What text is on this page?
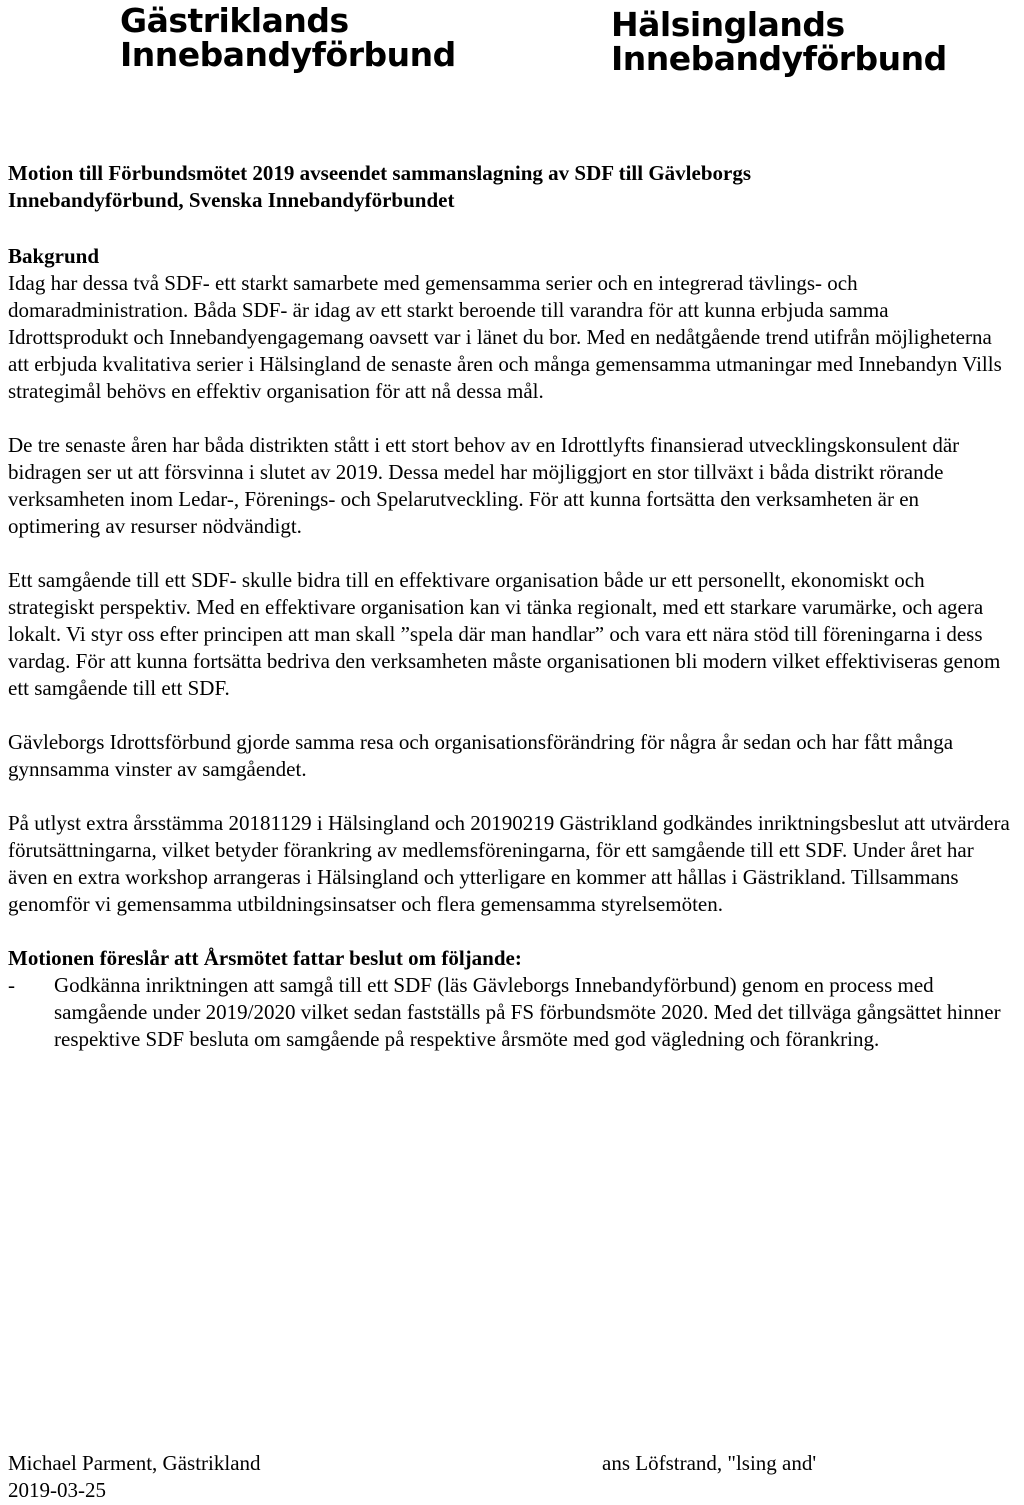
Gästriklands
Innebandyförbund
Hälsinglands
Innebandyförbund
Motion till Förbundsmötet 2019 avseendet sammanslagning av SDF till Gävleborgs
Innebandyförbund, Svenska Innebandyförbundet
Bakgrund

Idag har dessa två SDF- ett starkt samarbete med gemensamma serier och en integrerad tävlings- och domaradministration. Båda SDF- är idag av ett starkt beroende till varandra för att kunna erbjuda samma Idrottsprodukt och Innebandyengagemang oavsett var i länet du bor. Med en nedåtgående trend utifrån möjligheterna att erbjuda kvalitativa serier i Hälsingland de senaste åren och många gemensamma utmaningar med Innebandyn Vills strategimål behövs en effektiv organisation för att nå dessa mål.

De tre senaste åren har båda distrikten stått i ett stort behov av en Idrottlyfts finansierad utvecklingskonsulent där bidragen ser ut att försvinna i slutet av 2019. Dessa medel har möjliggjort en stor tillväxt i båda distrikt rörande verksamheten inom Ledar-, Förenings- och Spelarutveckling. För att kunna fortsätta den verksamheten är en optimering av resurser nödvändigt.

Ett samgående till ett SDF- skulle bidra till en effektivare organisation både ur ett personellt, ekonomiskt och strategiskt perspektiv. Med en effektivare organisation kan vi tänka regionalt, med ett starkare varumärke, och agera lokalt. Vi styr oss efter principen att man skall ”spela där man handlar” och vara ett nära stöd till föreningarna i dess vardag. För att kunna fortsätta bedriva den verksamheten måste organisationen bli modern vilket effektiviseras genom ett samgående till ett SDF.

Gävleborgs Idrottsförbund gjorde samma resa och organisationsförändring för några år sedan och har fått många gynnsamma vinster av samgåendet.

På utlyst extra årsstämma 20181129 i Hälsingland och 20190219 Gästrikland godkändes inriktningsbeslut att utvärdera förutsättningarna, vilket betyder förankring av medlemsföreningarna, för ett samgående till ett SDF. Under året har även en extra workshop arrangeras i Hälsingland och ytterligare en kommer att hållas i Gästrikland. Tillsammans genomför vi gemensamma utbildningsinsatser och flera gemensamma styrelsemöten.

Motionen föreslår att Årsmötet fattar beslut om följande:
- Godkänna inriktningen att samgå till ett SDF (läs Gävleborgs Innebandyförbund) genom en process med samgående under 2019/2020 vilket sedan fastställs på FS förbundsmöte 2020. Med det tillväga gångsättet hinner respektive SDF besluta om samgående på respektive årsmöte med god vägledning och förankring.
Michael Parment, Gästrikland
2019-03-25
ans Löfstrand, "lsing and'
